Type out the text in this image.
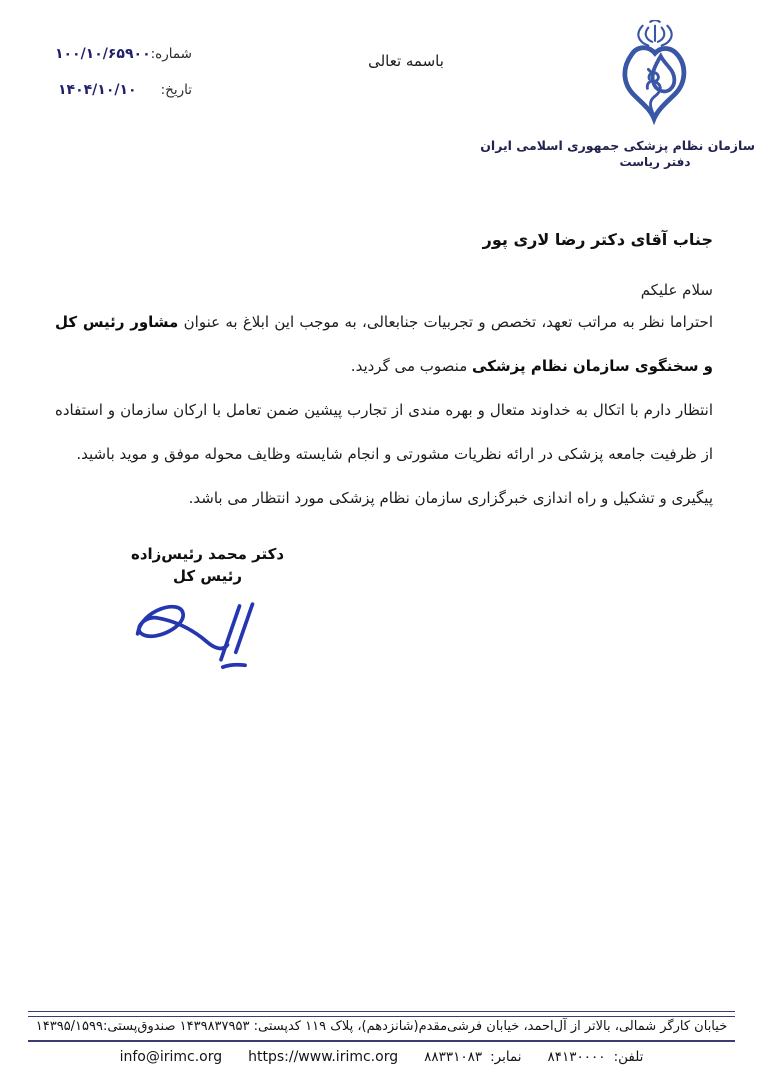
شماره:
۱۰۰/۱۰/۶۵۹۰۰
تاریخ:
۱۴۰۴/۱۰/۱۰
باسمه تعالی
سازمان نظام پزشکی جمهوری اسلامی ایران
دفتر ریاست
جناب آقای دکتر رضا لاری پور
سلام علیکم

احتراما نظر به مراتب تعهد، تخصص و تجربیات جنابعالی، به موجب این ابلاغ به عنوان مشاور رئیس کل و سخنگوی سازمان نظام پزشکی منصوب می گردید.

انتظار دارم با اتکال به خداوند متعال و بهره مندی از تجارب پیشین ضمن تعامل با ارکان سازمان و استفاده از ظرفیت جامعه پزشکی در ارائه نظریات مشورتی و انجام شایسته وظایف محوله موفق و موید باشید.

پیگیری و تشکیل و راه اندازی خبرگزاری سازمان نظام پزشکی مورد انتظار می باشد.

دکتر محمد رئیس‌زاده
رئیس کل
خیابان کارگر شمالی، بالاتر از آل‌احمد، خیابان فرشی‌مقدم(شانزدهم)، پلاک ۱۱۹ کدپستی: ۱۴۳۹۸۳۷۹۵۳ صندوق‌پستی:۱۴۳۹۵/۱۵۹۹
تلفن:
۸۴۱۳۰۰۰۰
نمابر:
۸۸۳۳۱۰۸۳
https://www.irimc.org
info@irimc.org
